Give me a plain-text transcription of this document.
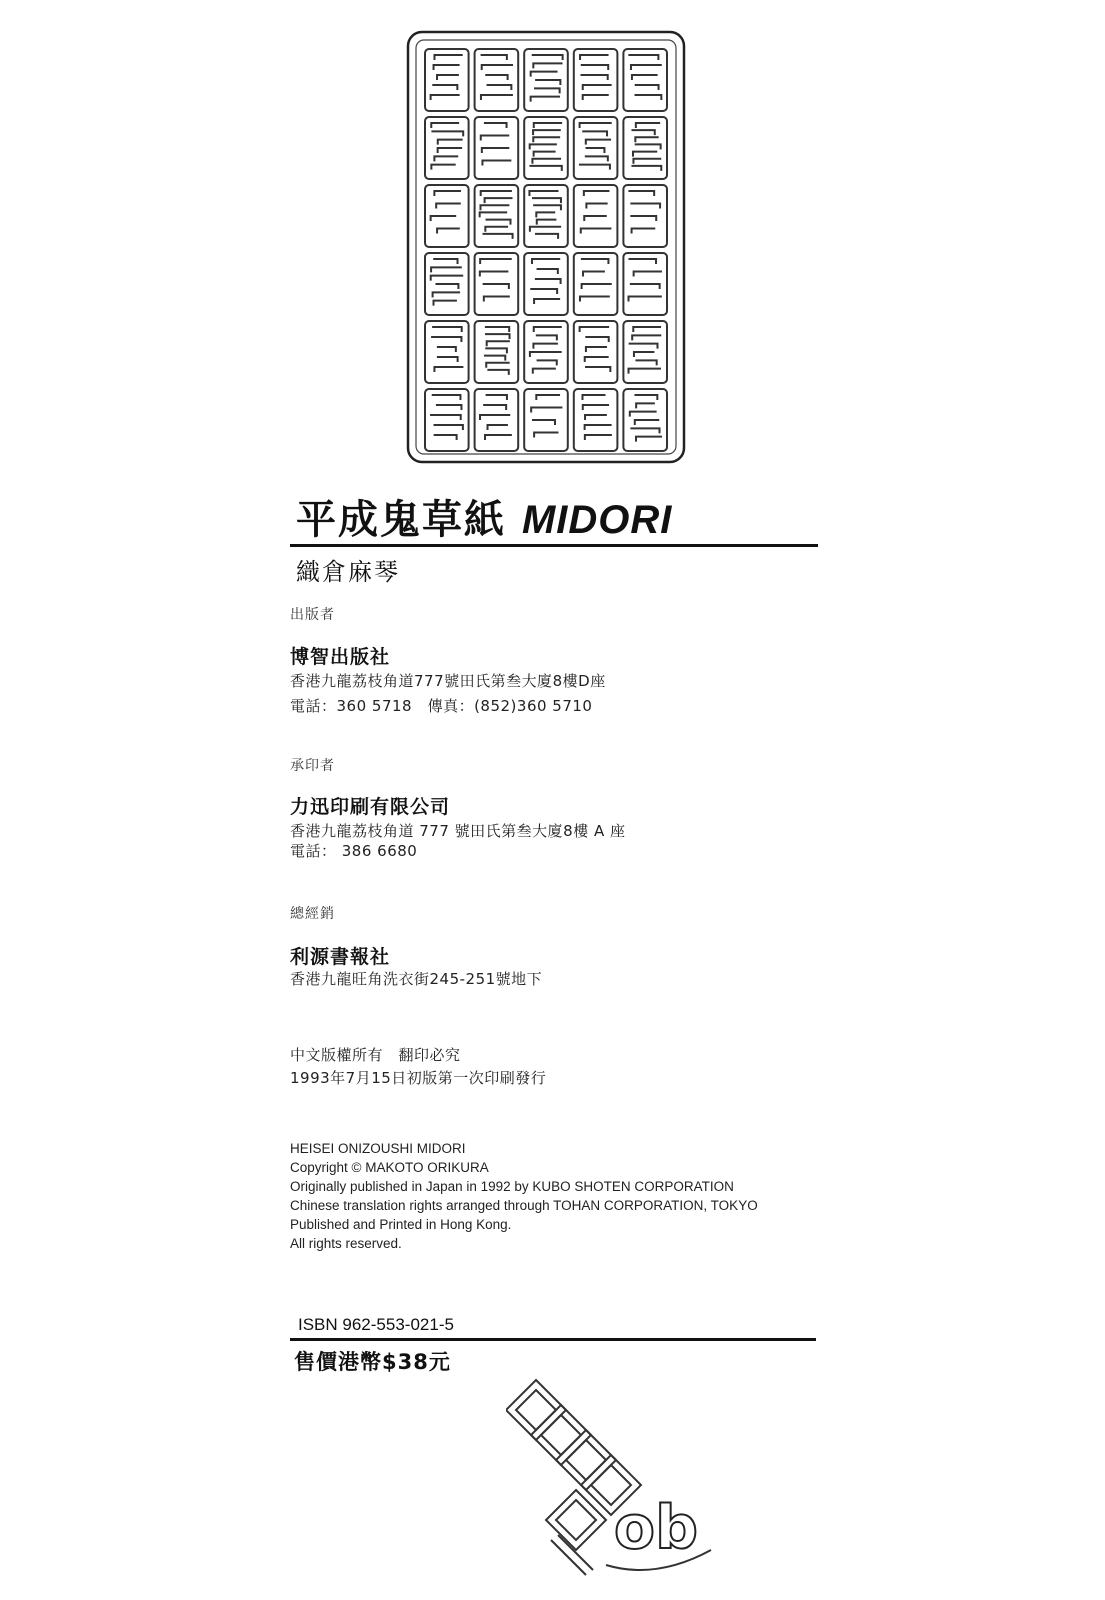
平成鬼草紙 MIDORI
織倉麻琴
出版者
博智出版社
香港九龍荔枝角道777號田氏第叁大廈8樓D座
電話：360 5718　傳真：(852)360 5710
承印者
力迅印刷有限公司
香港九龍荔枝角道 777 號田氏第叁大廈8樓 A 座
電話： 386 6680
總經銷
利源書報社
香港九龍旺角洗衣街245-251號地下
中文版權所有　翻印必究
1993年7月15日初版第一次印刷發行
HEISEI ONIZOUSHI MIDORI
Copyright © MAKOTO ORIKURA
Originally published in Japan in 1992 by KUBO SHOTEN CORPORATION
Chinese translation rights arranged through TOHAN CORPORATION, TOKYO
Published and Printed in Hong Kong.
All rights reserved.
ISBN 962-553-021-5
售價港幣$38元
ob
